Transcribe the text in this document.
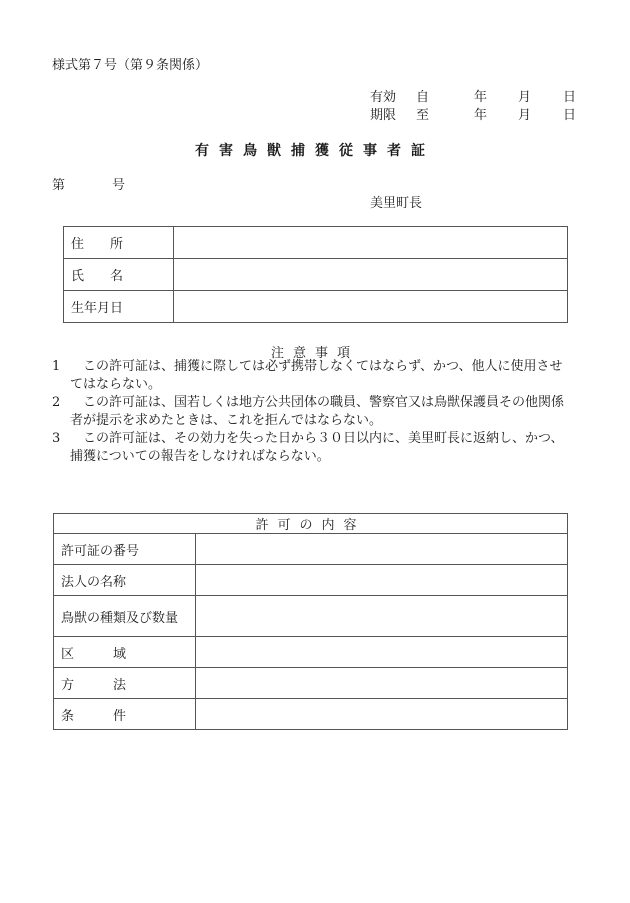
様式第７号（第９条関係）
有効	自	年	月	日
期限	至	年	月	日
有害鳥獣捕獲従事者証
第	号
美里町長
住　　所	
氏　　名	
生年月日	
注意事項
1 　この許可証は、捕獲に際しては必ず携帯しなくてはならず、かつ、他人に使用させてはならない。
2 　この許可証は、国若しくは地方公共団体の職員、警察官又は鳥獣保護員その他関係者が提示を求めたときは、これを拒んではならない。
3 　この許可証は、その効力を失った日から３０日以内に、美里町長に返納し、かつ、捕獲についての報告をしなければならない。
許可の内容	
許可証の番号	
法人の名称	
鳥獣の種類及び数量	
区　　　域	
方　　　法	
条　　　件	
